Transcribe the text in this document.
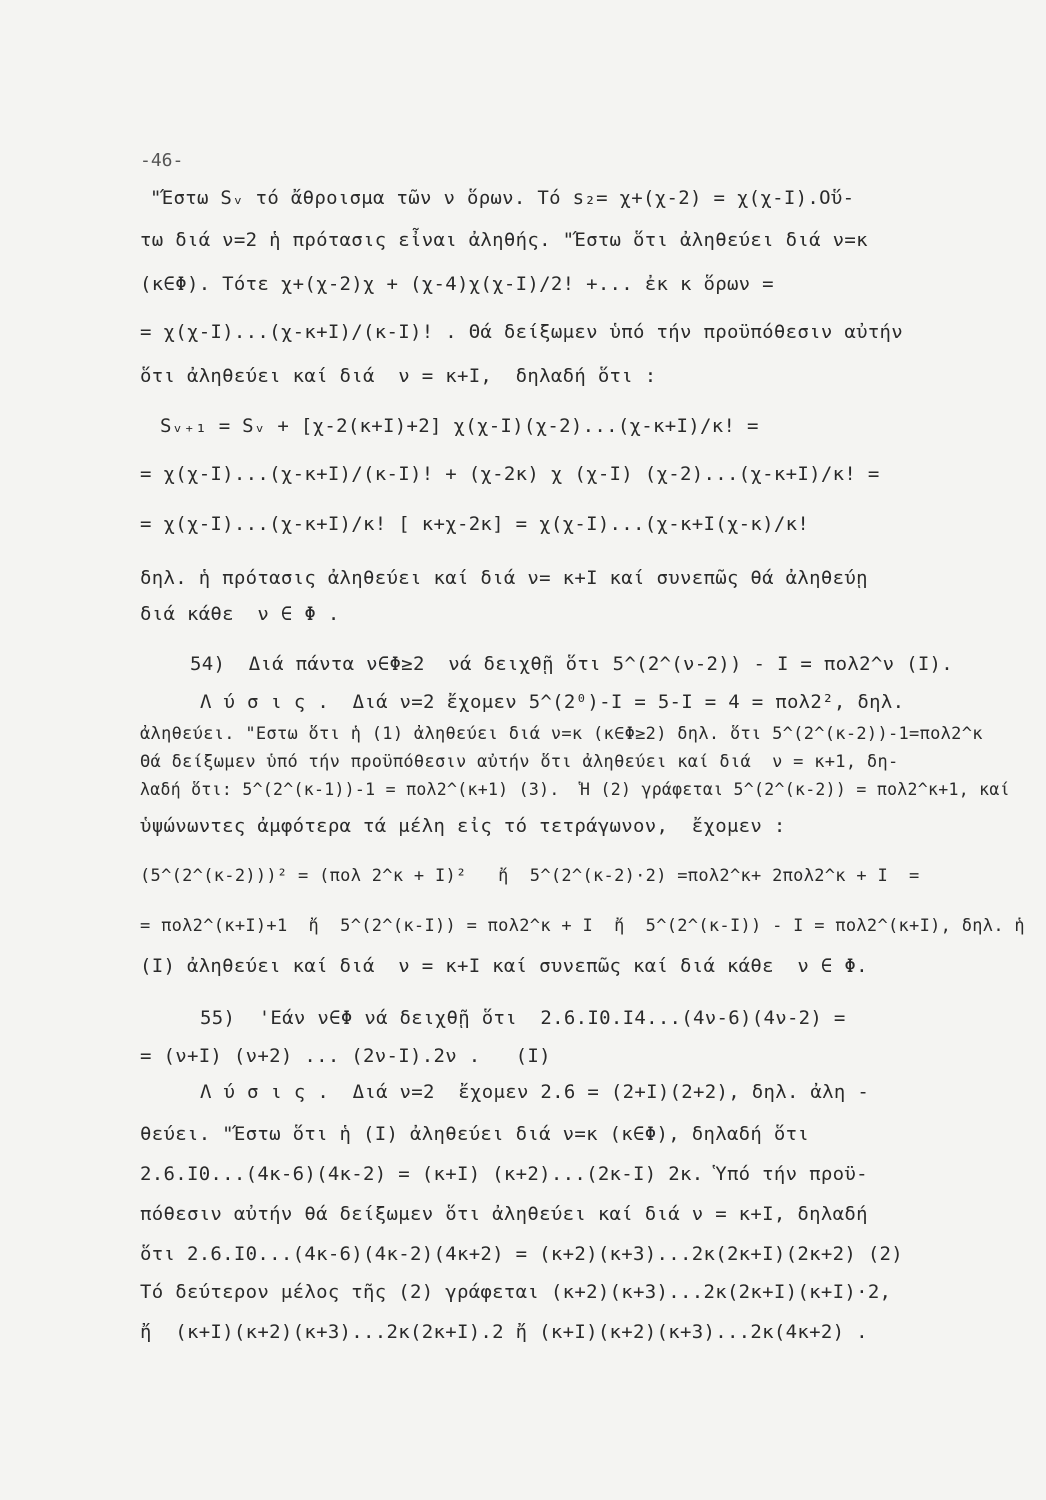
-46-
"Έστω Sᵥ τό ἄθροισμα τῶν ν ὅρων. Τό s₂= χ+(χ-2) = χ(χ-Ι).Οὕ-
τω διά ν=2 ἡ πρότασις εἶναι ἀληθής. "Έστω ὅτι ἀληθεύει διά ν=κ
(κ∈Φ). Τότε χ+(χ-2)χ + (χ-4)χ(χ-Ι)/2! +... ἐκ κ ὅρων =
= χ(χ-Ι)...(χ-κ+Ι)/(κ-Ι)! . Θά δείξωμεν ὑπό τήν προϋπόθεσιν αὐτήν
ὅτι ἀληθεύει καί διά  ν = κ+Ι,  δηλαδή ὅτι :
Sᵥ₊₁ = Sᵥ + [χ-2(κ+Ι)+2] χ(χ-Ι)(χ-2)...(χ-κ+Ι)/κ! =
= χ(χ-Ι)...(χ-κ+Ι)/(κ-Ι)! + (χ-2κ) χ (χ-Ι) (χ-2)...(χ-κ+Ι)/κ! =
= χ(χ-Ι)...(χ-κ+Ι)/κ! [ κ+χ-2κ] = χ(χ-Ι)...(χ-κ+Ι(χ-κ)/κ!
δηλ. ἡ πρότασις ἀληθεύει καί διά ν= κ+Ι καί συνεπῶς θά ἀληθεύῃ
διά κάθε  ν ∈ Φ .
54)  Διά πάντα ν∈Φ≥2  νά δειχθῇ ὅτι 5^(2^(ν-2)) - Ι = πολ2^ν (Ι).
Λ ύ σ ι ς .  Διά ν=2 ἔχομεν 5^(2⁰)-Ι = 5-Ι = 4 = πολ2², δηλ.
ἀληθεύει. "Εστω ὅτι ἡ (1) ἀληθεύει διά ν=κ (κ∈Φ≥2) δηλ. ὅτι 5^(2^(κ-2))-1=πολ2^κ
Θά δείξωμεν ὑπό τήν προϋπόθεσιν αὐτήν ὅτι ἀληθεύει καί διά  ν = κ+1, δη-
λαδή ὅτι: 5^(2^(κ-1))-1 = πολ2^(κ+1) (3).  Ἡ (2) γράφεται 5^(2^(κ-2)) = πολ2^κ+1, καί
ὑψώνωντες ἀμφότερα τά μέλη εἰς τό τετράγωνον,  ἔχομεν :
(5^(2^(κ-2)))² = (πολ 2^κ + Ι)²   ἤ  5^(2^(κ-2)·2) =πολ2^κ+ 2πολ2^κ + Ι  =
= πολ2^(κ+Ι)+1  ἤ  5^(2^(κ-Ι)) = πολ2^κ + Ι  ἤ  5^(2^(κ-Ι)) - Ι = πολ2^(κ+Ι), δηλ. ἡ
(Ι) ἀληθεύει καί διά  ν = κ+Ι καί συνεπῶς καί διά κάθε  ν ∈ Φ.
55)  'Εάν ν∈Φ νά δειχθῇ ὅτι  2.6.Ι0.Ι4...(4ν-6)(4ν-2) =
= (ν+Ι) (ν+2) ... (2ν-Ι).2ν .   (Ι)
Λ ύ σ ι ς .  Διά ν=2  ἔχομεν 2.6 = (2+Ι)(2+2), δηλ. ἀλη -
θεύει. "Έστω ὅτι ἡ (Ι) ἀληθεύει διά ν=κ (κ∈Φ), δηλαδή ὅτι
2.6.Ι0...(4κ-6)(4κ-2) = (κ+Ι) (κ+2)...(2κ-Ι) 2κ. Ὑπό τήν προϋ-
πόθεσιν αὐτήν θά δείξωμεν ὅτι ἀληθεύει καί διά ν = κ+Ι, δηλαδή
ὅτι 2.6.Ι0...(4κ-6)(4κ-2)(4κ+2) = (κ+2)(κ+3)...2κ(2κ+Ι)(2κ+2) (2)
Τό δεύτερον μέλος τῆς (2) γράφεται (κ+2)(κ+3)...2κ(2κ+Ι)(κ+Ι)·2,
ἤ  (κ+Ι)(κ+2)(κ+3)...2κ(2κ+Ι).2 ἤ (κ+Ι)(κ+2)(κ+3)...2κ(4κ+2) .
